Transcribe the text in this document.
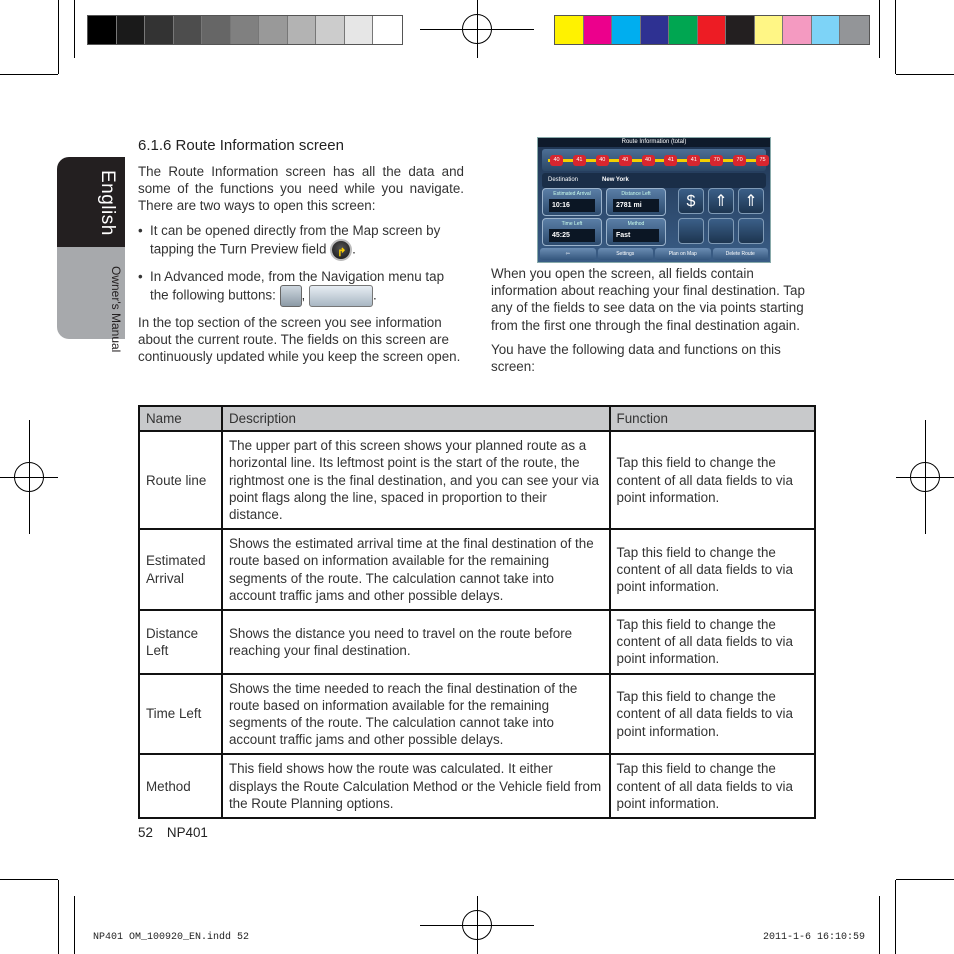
English
Owner's Manual
6.1.6 Route Information screen

The Route Information screen has all the data and some of the functions you need while you navigate. There are two ways to open this screen:

• It can be opened directly from the Map screen by tapping the Turn Preview field ↱ .
• In Advanced mode, from the Navigation menu tap the following buttons: ,	.

In the top section of the screen you see information about the current route. The fields on this screen are continuously updated while you keep the screen open.

Route Information (total)
40	41	40	40	40	41	41	70	70	75
Destination	New York
Estimated Arrival
10:16
Distance Left
2781 mi
Time Left
45:25
Method
Fast
$	⇑	⇑
⇦	Settings	Plan on Map	Delete Route

When you open the screen, all fields contain information about reaching your final destination. Tap any of the fields to see data on the via points starting from the first one through the final destination again.

You have the following data and functions on this screen:

Name	Description	Function
Route line	The upper part of this screen shows your planned route as a horizontal line. Its leftmost point is the start of the route, the rightmost one is the final destination, and you can see your via point flags along the line, spaced in proportion to their distance.	Tap this field to change the content of all data fields to via point information.
Estimated Arrival	Shows the estimated arrival time at the final destination of the route based on information available for the remaining segments of the route. The calculation cannot take into account traffic jams and other possible delays.	Tap this field to change the content of all data fields to via point information.
Distance Left	Shows the distance you need to travel on the route before reaching your final destination.	Tap this field to change the content of all data fields to via point information.
Time Left	Shows the time needed to reach the final destination of the route based on information available for the remaining segments of the route. The calculation cannot take into account traffic jams and other possible delays.	Tap this field to change the content of all data fields to via point information.
Method	This field shows how the route was calculated. It either displays the Route Calculation Method or the Vehicle field from the Route Planning options.	Tap this field to change the content of all data fields to via point information.
52 NP401
NP401 OM_100920_EN.indd 52	2011-1-6 16:10:59
